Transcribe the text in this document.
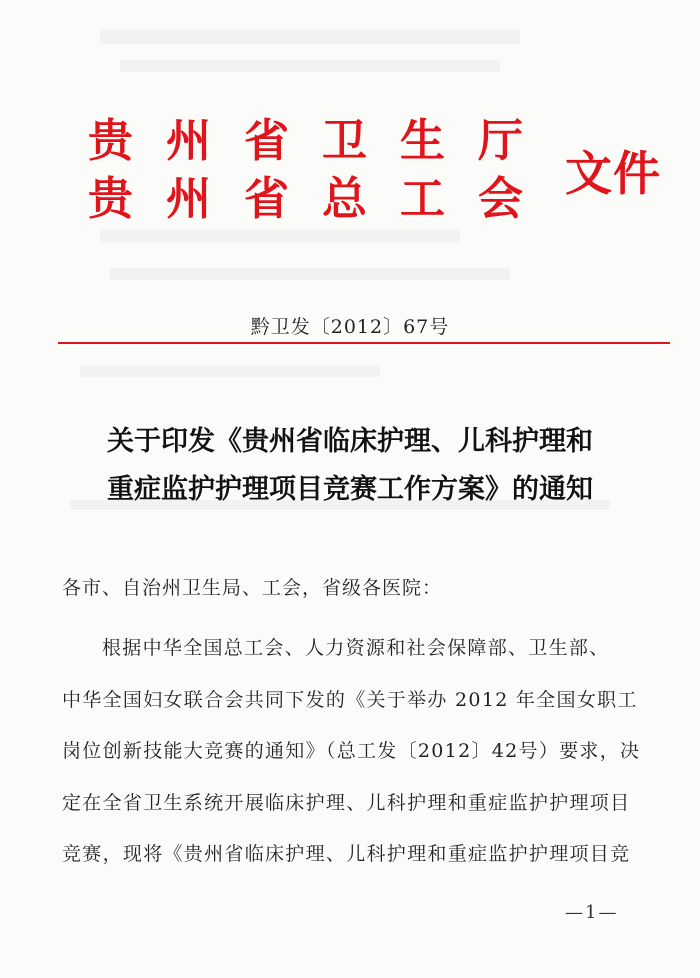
贵州省卫生厅
贵州省总工会 文件
黔卫发〔2012〕67号
关于印发《贵州省临床护理、儿科护理和
重症监护护理项目竞赛工作方案》的通知
各市、自治州卫生局、工会，省级各医院：
根据中华全国总工会、人力资源和社会保障部、卫生部、
中华全国妇女联合会共同下发的《关于举办 2012 年全国女职工
岗位创新技能大竞赛的通知》（总工发〔2012〕42号）要求，决
定在全省卫生系统开展临床护理、儿科护理和重症监护护理项目
竞赛，现将《贵州省临床护理、儿科护理和重症监护护理项目竞
—1—
